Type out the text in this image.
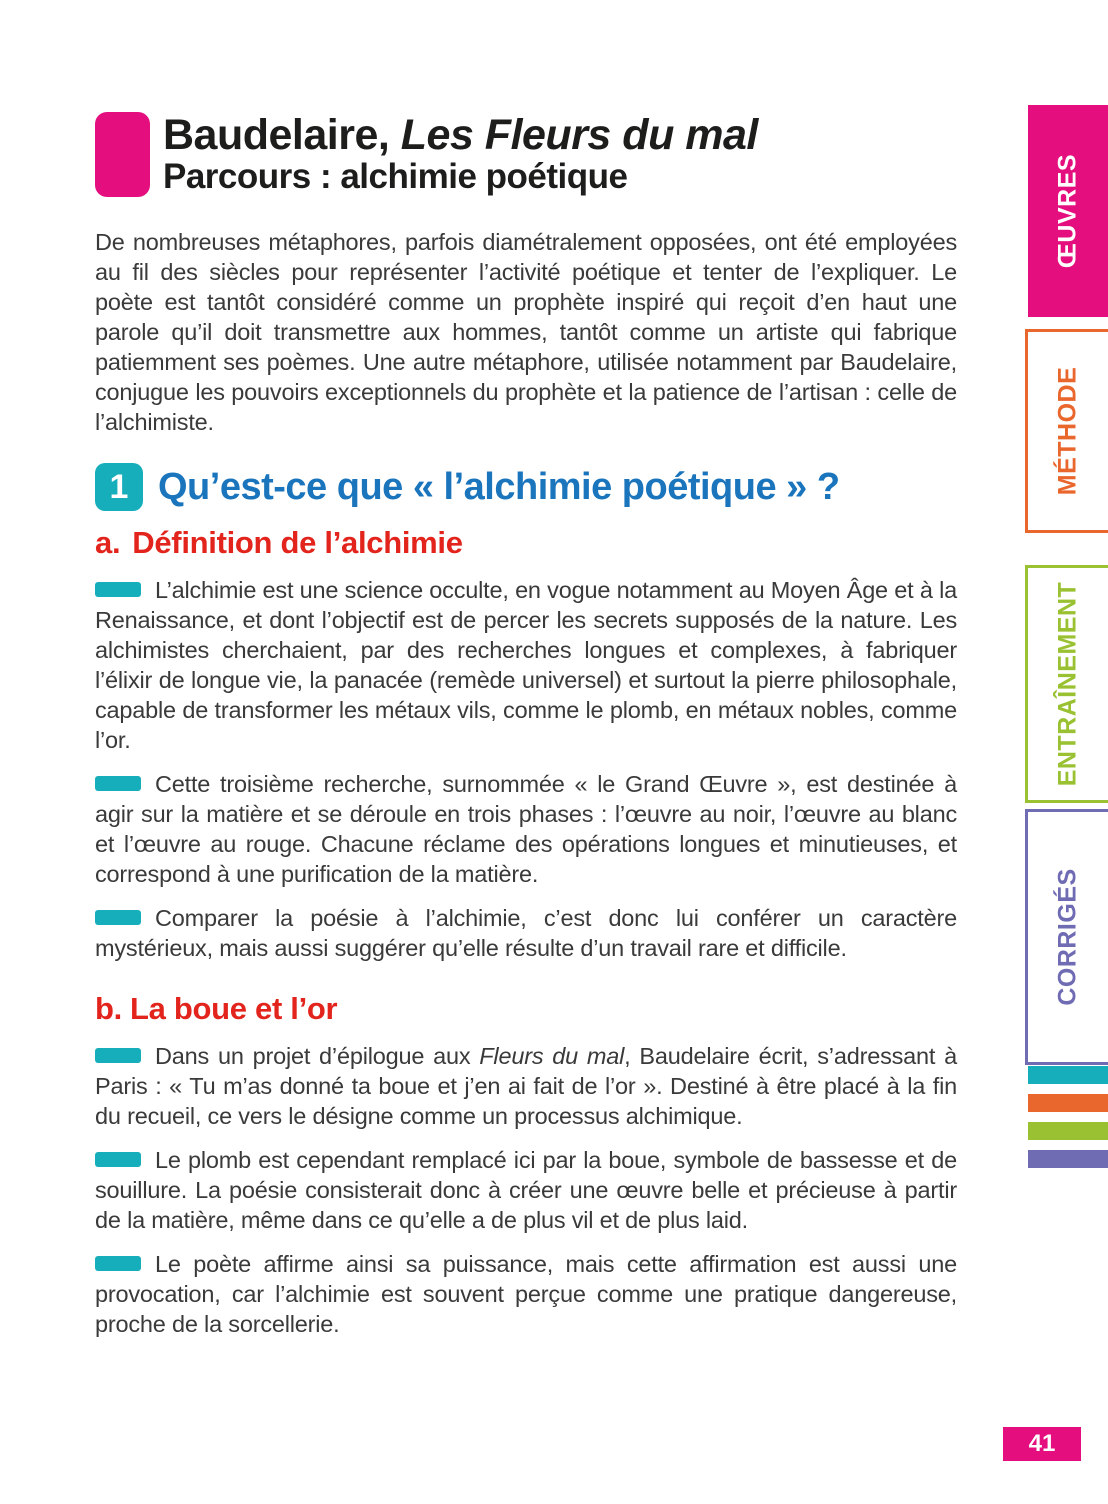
Baudelaire, Les Fleurs du mal
Parcours : alchimie poétique

De nombreuses métaphores, parfois diamétralement opposées, ont été employées au fil des siècles pour représenter l’activité poétique et tenter de l’expliquer. Le poète est tantôt considéré comme un prophète inspiré qui reçoit d’en haut une parole qu’il doit transmettre aux hommes, tantôt comme un artiste qui fabrique patiemment ses poèmes. Une autre métaphore, utilisée notamment par Baudelaire, conjugue les pouvoirs exceptionnels du prophète et la patience de l’artisan : celle de l’alchimiste.

1 Qu’est-ce que « l’alchimie poétique » ?
a. Définition de l’alchimie

L’alchimie est une science occulte, en vogue notamment au Moyen Âge et à la Renaissance, et dont l’objectif est de percer les secrets supposés de la nature. Les alchimistes cherchaient, par des recherches longues et complexes, à fabriquer l’élixir de longue vie, la panacée (remède universel) et surtout la pierre philosophale, capable de transformer les métaux vils, comme le plomb, en métaux nobles, comme l’or.

Cette troisième recherche, surnommée « le Grand Œuvre », est destinée à agir sur la matière et se déroule en trois phases : l’œuvre au noir, l’œuvre au blanc et l’œuvre au rouge. Chacune réclame des opérations longues et minutieuses, et correspond à une purification de la matière.

Comparer la poésie à l’alchimie, c’est donc lui conférer un caractère mystérieux, mais aussi suggérer qu’elle résulte d’un travail rare et difficile.

b. La boue et l’or

Dans un projet d’épilogue aux Fleurs du mal, Baudelaire écrit, s’adressant à Paris : « Tu m’as donné ta boue et j’en ai fait de l’or ». Destiné à être placé à la fin du recueil, ce vers le désigne comme un processus alchimique.

Le plomb est cependant remplacé ici par la boue, symbole de bassesse et de souillure. La poésie consisterait donc à créer une œuvre belle et précieuse à partir de la matière, même dans ce qu’elle a de plus vil et de plus laid.

Le poète affirme ainsi sa puissance, mais cette affirmation est aussi une provocation, car l’alchimie est souvent perçue comme une pratique dangereuse, proche de la sorcellerie.

ŒUVRES
MÉTHODE
ENTRAÎNEMENT
CORRIGÉS
41
